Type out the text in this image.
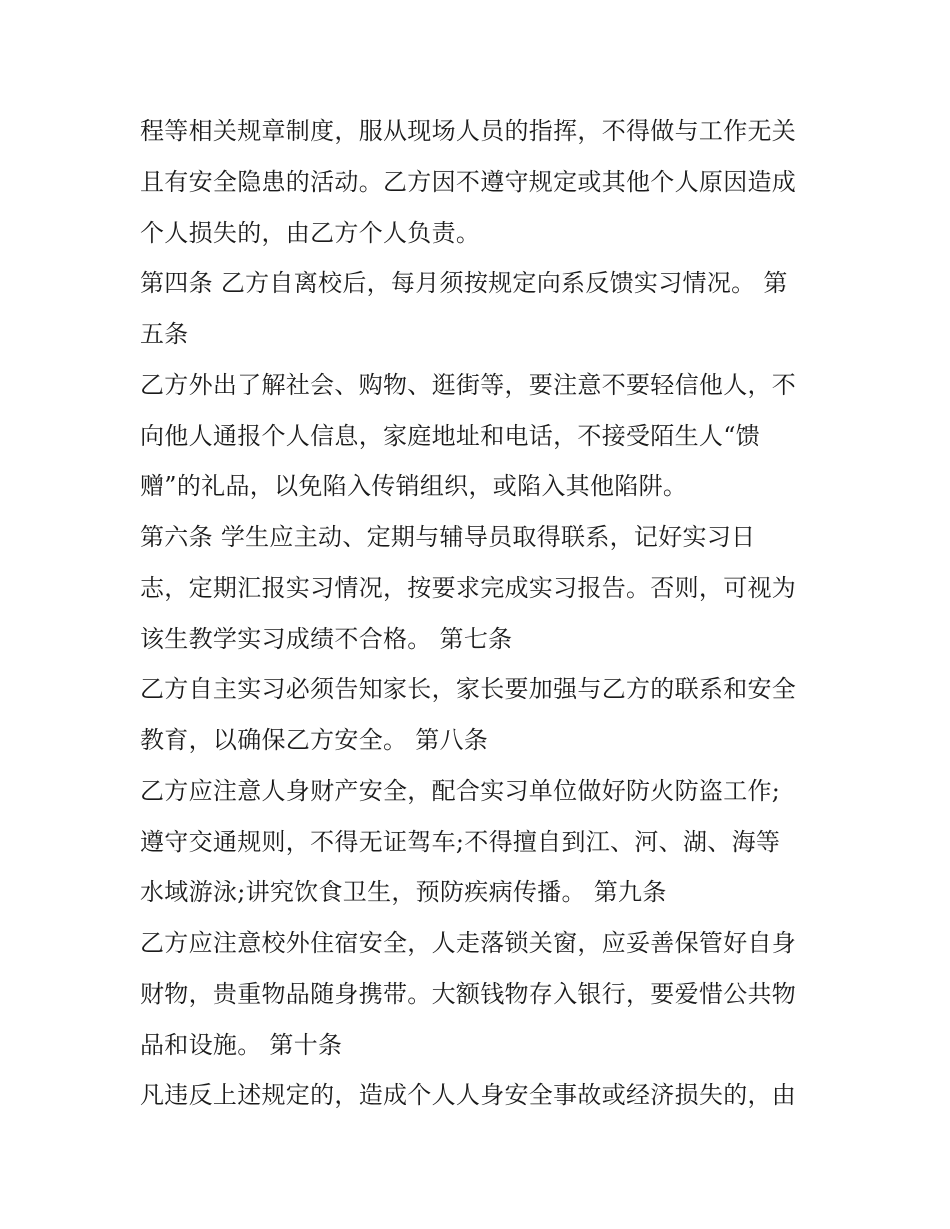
程等相关规章制度，服从现场人员的指挥，不得做与工作无关
且有安全隐患的活动。乙方因不遵守规定或其他个人原因造成
个人损失的，由乙方个人负责。
第四条 乙方自离校后，每月须按规定向系反馈实习情况。 第
五条
乙方外出了解社会、购物、逛街等，要注意不要轻信他人，不
向他人通报个人信息，家庭地址和电话，不接受陌生人“馈
赠”的礼品，以免陷入传销组织，或陷入其他陷阱。
第六条 学生应主动、定期与辅导员取得联系，记好实习日
志，定期汇报实习情况，按要求完成实习报告。否则，可视为
该生教学实习成绩不合格。 第七条
乙方自主实习必须告知家长，家长要加强与乙方的联系和安全
教育，以确保乙方安全。 第八条
乙方应注意人身财产安全，配合实习单位做好防火防盗工作;
遵守交通规则，不得无证驾车;不得擅自到江、河、湖、海等
水域游泳;讲究饮食卫生，预防疾病传播。 第九条
乙方应注意校外住宿安全，人走落锁关窗，应妥善保管好自身
财物，贵重物品随身携带。大额钱物存入银行，要爱惜公共物
品和设施。 第十条
凡违反上述规定的，造成个人人身安全事故或经济损失的，由
